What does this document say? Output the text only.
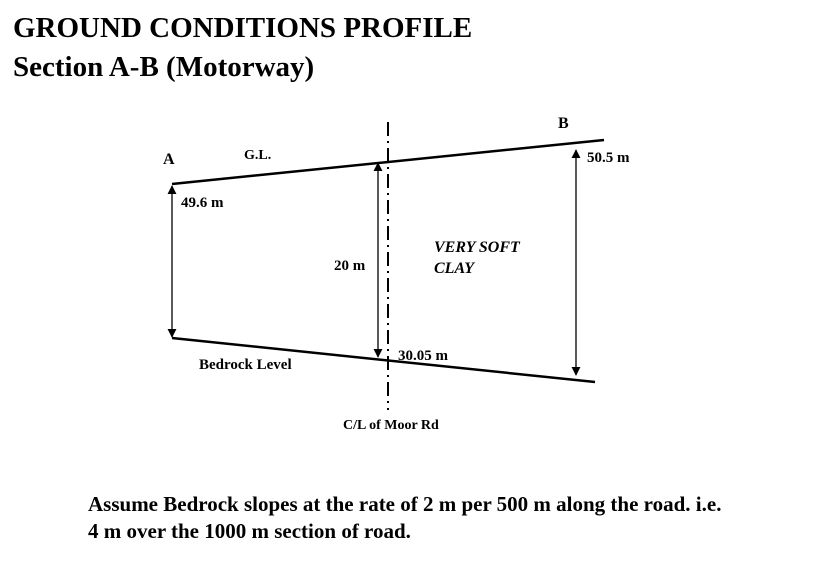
GROUND CONDITIONS PROFILE
Section A-B (Motorway)
A
B
G.L.
49.6 m
50.5 m
20 m
30.05 m
VERY SOFT
CLAY
Bedrock Level
C/L of Moor Rd
Assume Bedrock slopes at the rate of 2 m per 500 m along the road. i.e. 4 m over the 1000 m section of road.
